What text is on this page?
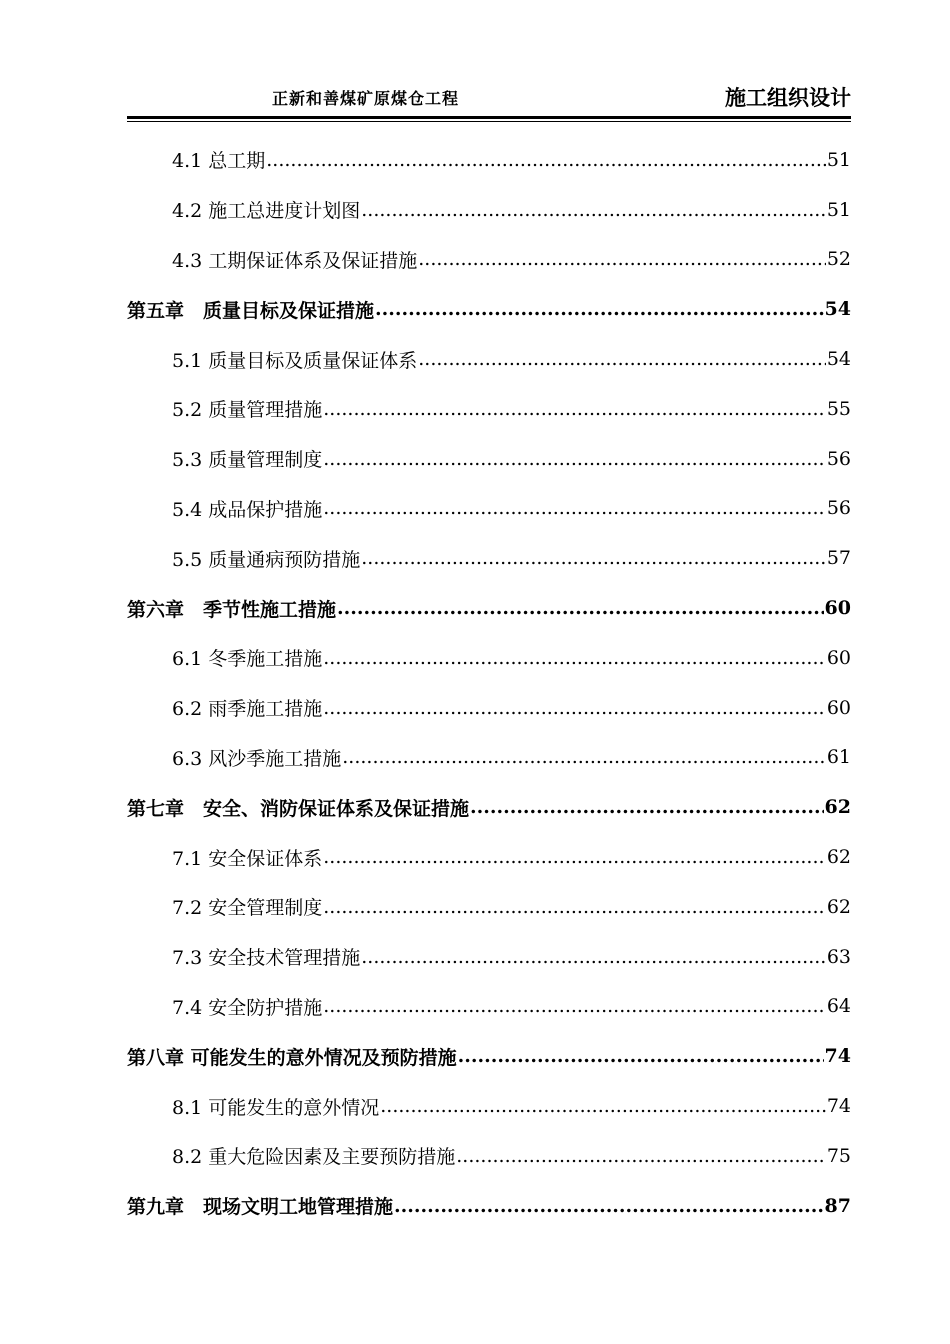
正新和善煤矿原煤仓工程	施工组织设计
4.1 总工期 .....	51
4.2 施工总进度计划图 .....	51
4.3 工期保证体系及保证措施 .....	52
第五章　质量目标及保证措施 .....	54
5.1 质量目标及质量保证体系 .....	54
5.2 质量管理措施 .....	55
5.3 质量管理制度 .....	56
5.4 成品保护措施 .....	56
5.5 质量通病预防措施 .....	57
第六章　季节性施工措施 .....	60
6.1 冬季施工措施 .....	60
6.2 雨季施工措施 .....	60
6.3 风沙季施工措施 .....	61
第七章　安全、消防保证体系及保证措施 .....	62
7.1 安全保证体系 .....	62
7.2 安全管理制度 .....	62
7.3 安全技术管理措施 .....	63
7.4 安全防护措施 .....	64
第八章 可能发生的意外情况及预防措施 .....	74
8.1 可能发生的意外情况 .....	74
8.2 重大危险因素及主要预防措施 .....	75
第九章　现场文明工地管理措施 .....	87
